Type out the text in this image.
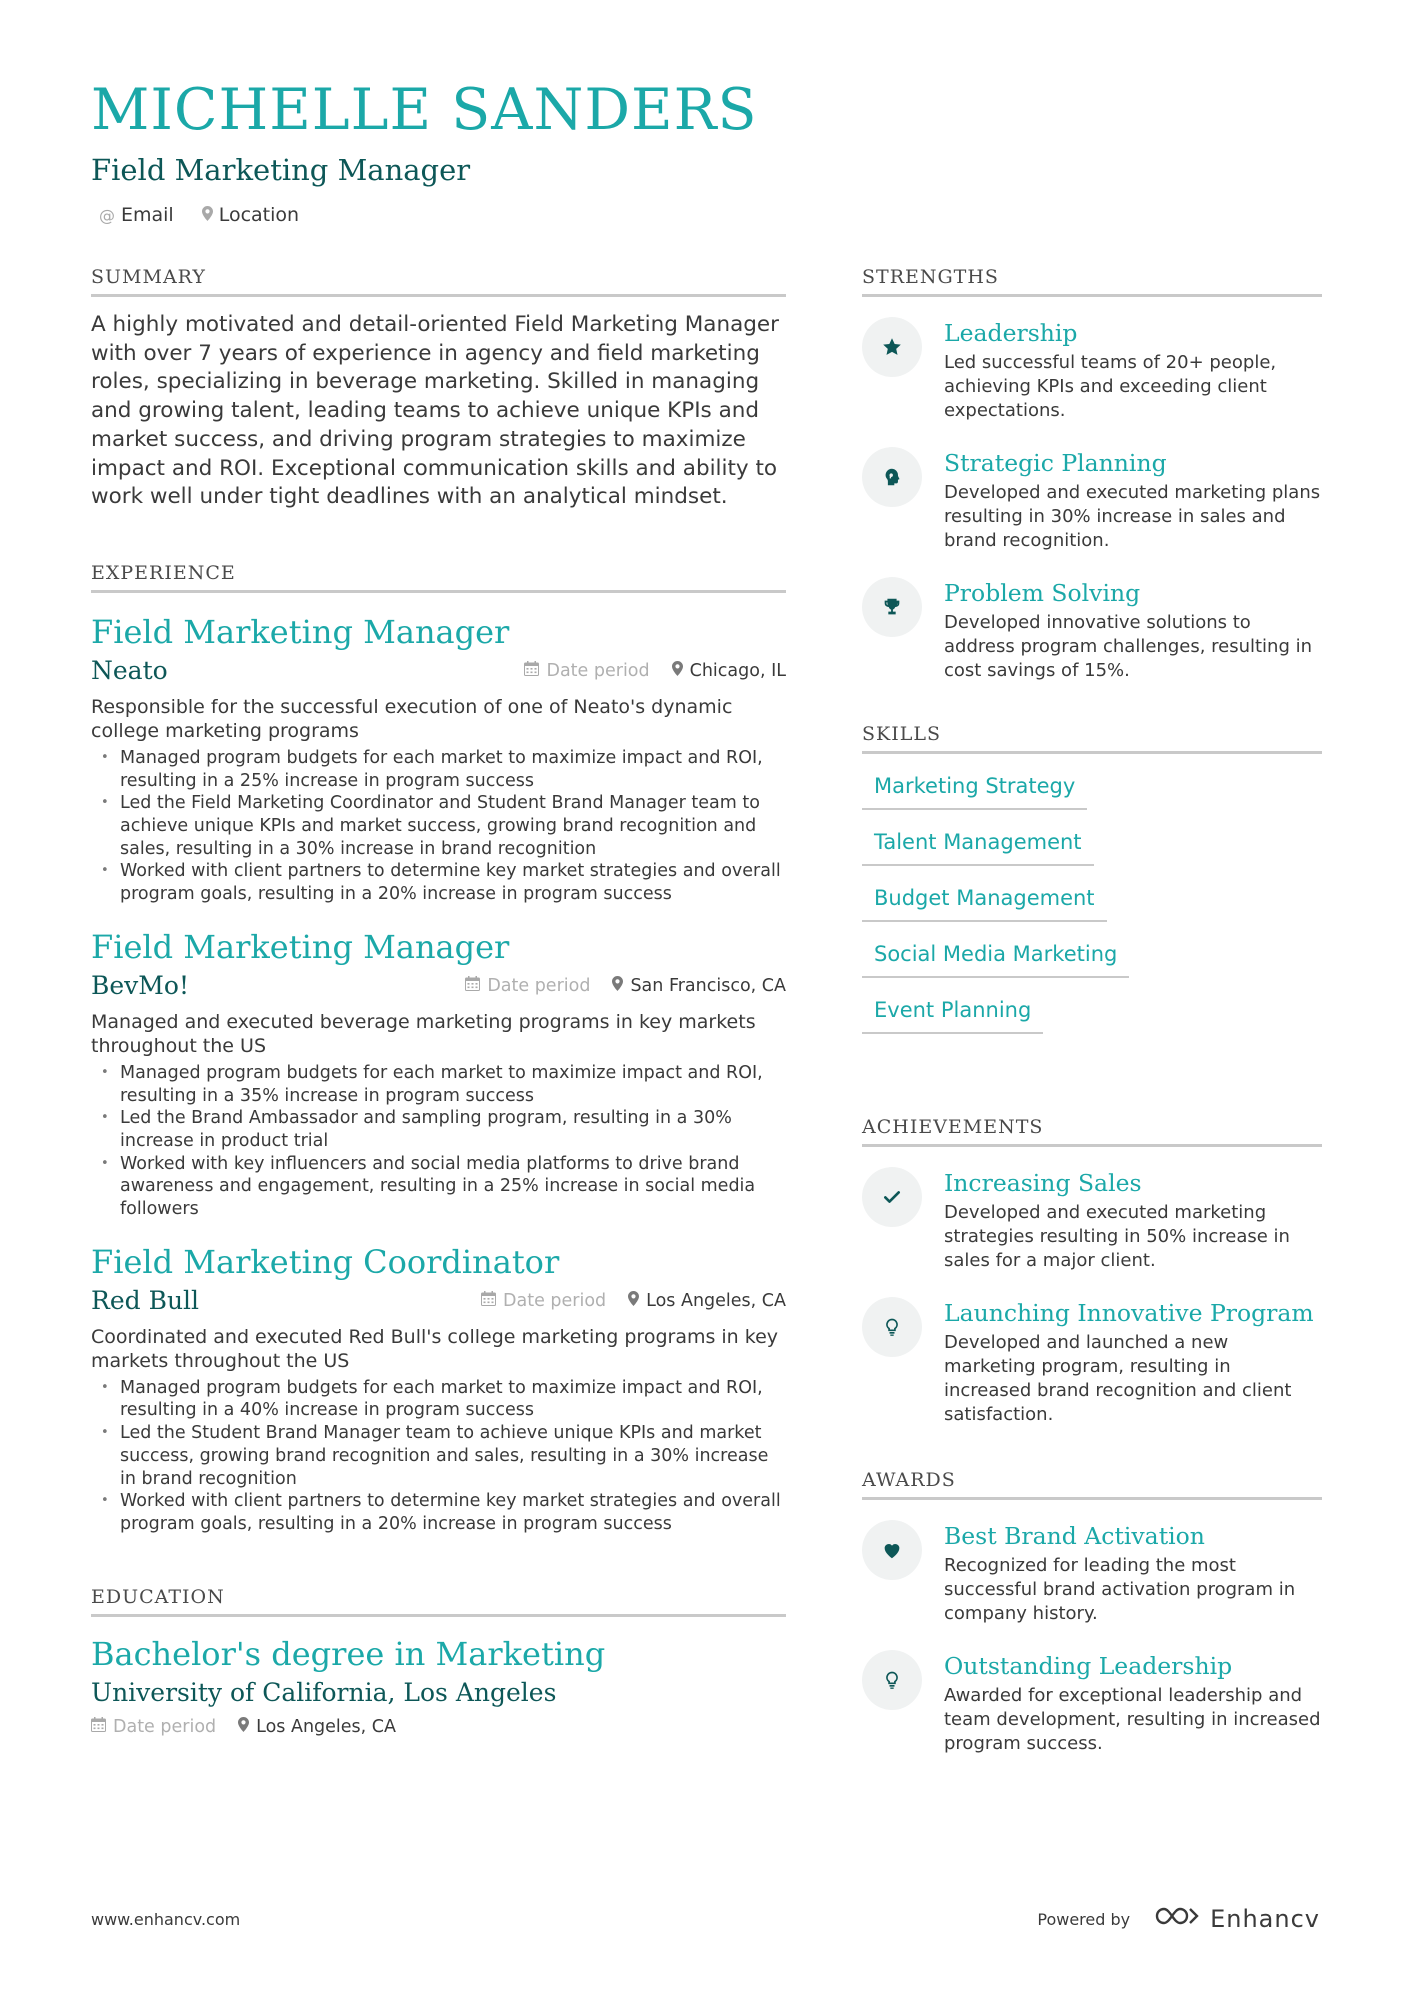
MICHELLE SANDERS
Field Marketing Manager
@ Email Location
SUMMARY

A highly motivated and detail-oriented Field Marketing Manager with over 7 years of experience in agency and field marketing roles, specializing in beverage marketing. Skilled in managing and growing talent, leading teams to achieve unique KPIs and market success, and driving program strategies to maximize impact and ROI. Exceptional communication skills and ability to work well under tight deadlines with an analytical mindset.

EXPERIENCE
Field Marketing Manager
Neato	Date period Chicago, IL

Responsible for the successful execution of one of Neato's dynamic college marketing programs

• Managed program budgets for each market to maximize impact and ROI, resulting in a 25% increase in program success
• Led the Field Marketing Coordinator and Student Brand Manager team to achieve unique KPIs and market success, growing brand recognition and sales, resulting in a 30% increase in brand recognition
• Worked with client partners to determine key market strategies and overall program goals, resulting in a 20% increase in program success
Field Marketing Manager
BevMo!	Date period San Francisco, CA

Managed and executed beverage marketing programs in key markets throughout the US

• Managed program budgets for each market to maximize impact and ROI, resulting in a 35% increase in program success
• Led the Brand Ambassador and sampling program, resulting in a 30% increase in product trial
• Worked with key influencers and social media platforms to drive brand awareness and engagement, resulting in a 25% increase in social media followers
Field Marketing Coordinator
Red Bull	Date period Los Angeles, CA

Coordinated and executed Red Bull's college marketing programs in key markets throughout the US

• Managed program budgets for each market to maximize impact and ROI, resulting in a 40% increase in program success
• Led the Student Brand Manager team to achieve unique KPIs and market success, growing brand recognition and sales, resulting in a 30% increase in brand recognition
• Worked with client partners to determine key market strategies and overall program goals, resulting in a 20% increase in program success
EDUCATION
Bachelor's degree in Marketing
University of California, Los Angeles
Date period Los Angeles, CA
STRENGTHS
Leadership

Led successful teams of 20+ people, achieving KPIs and exceeding client expectations.

Strategic Planning

Developed and executed marketing plans resulting in 30% increase in sales and brand recognition.

Problem Solving

Developed innovative solutions to address program challenges, resulting in cost savings of 15%.

SKILLS
Marketing Strategy
Talent Management
Budget Management
Social Media Marketing
Event Planning
ACHIEVEMENTS
Increasing Sales

Developed and executed marketing strategies resulting in 50% increase in sales for a major client.

Launching Innovative Program

Developed and launched a new marketing program, resulting in increased brand recognition and client satisfaction.

AWARDS
Best Brand Activation

Recognized for leading the most successful brand activation program in company history.

Outstanding Leadership

Awarded for exceptional leadership and team development, resulting in increased program success.

www.enhancv.com	Powered by	Enhancv
